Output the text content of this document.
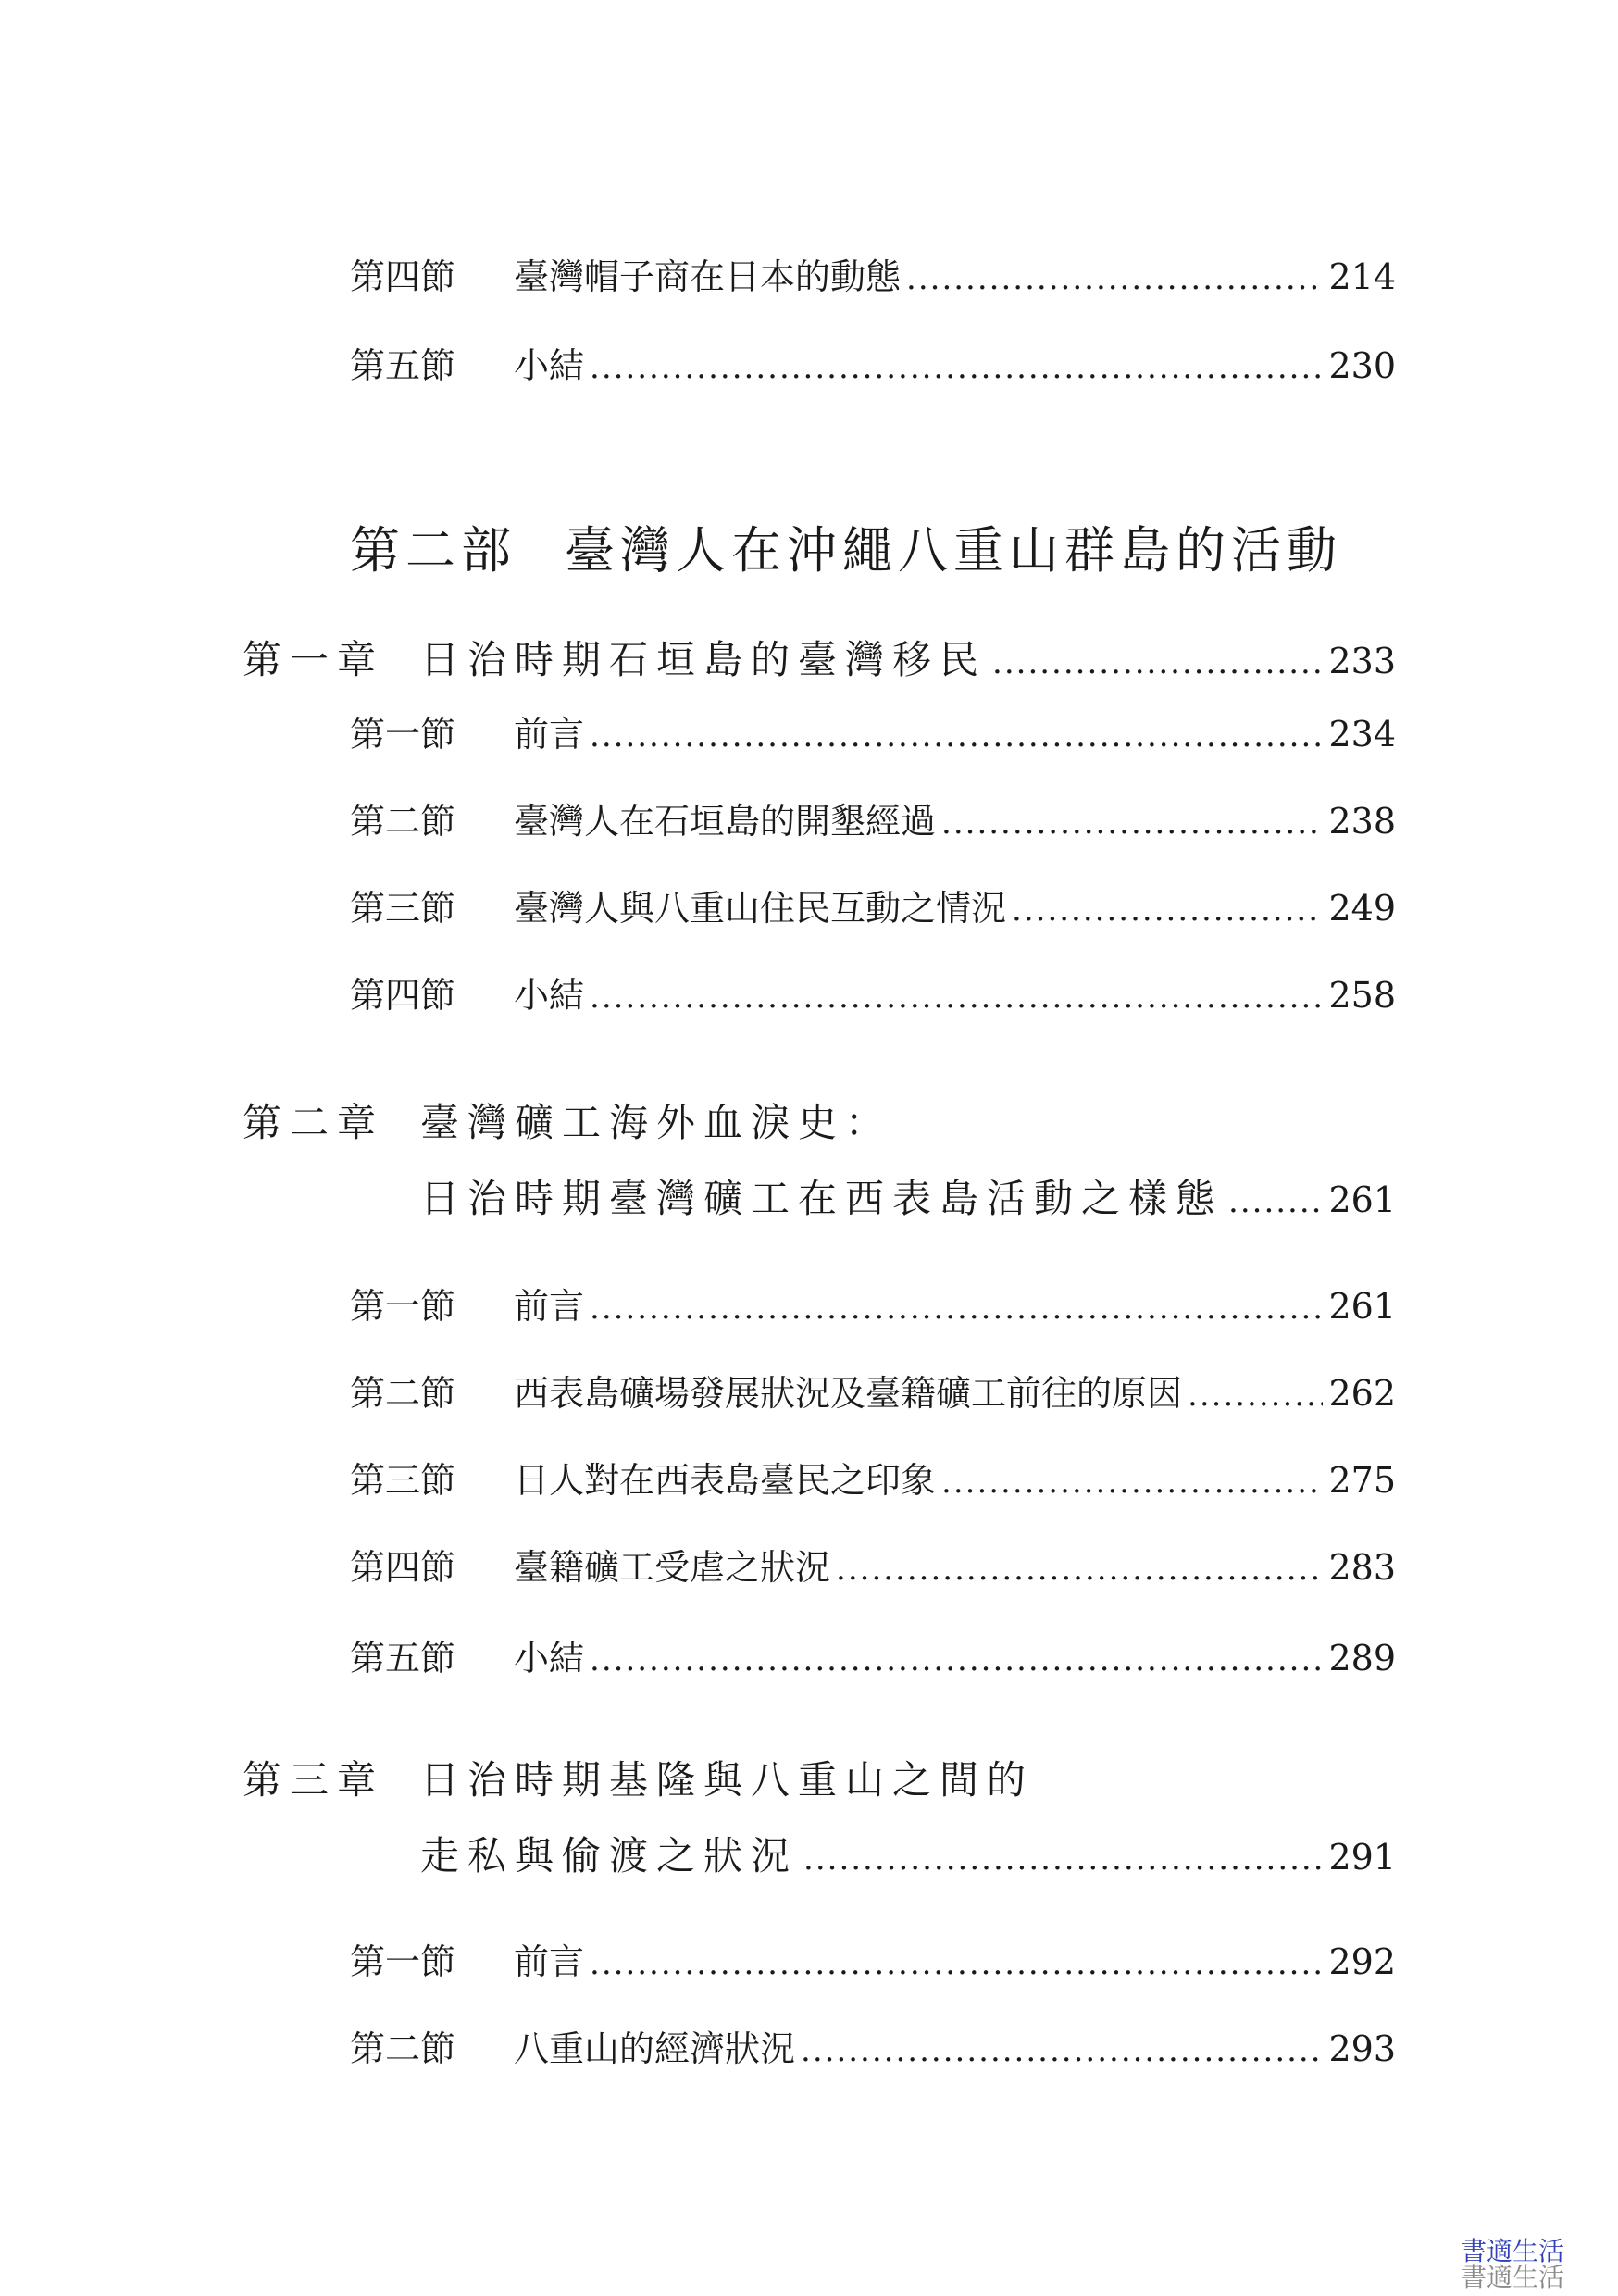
第四節	臺灣帽子商在日本的動態 .....	214
第五節	小結 .....	230
第二部 臺灣人在沖繩八重山群島的活動
第一章 日治時期石垣島的臺灣移民 .....	233
第一節	前言 .....	234
第二節	臺灣人在石垣島的開墾經過 .....	238
第三節	臺灣人與八重山住民互動之情況 .....	249
第四節	小結 .....	258
第二章 臺灣礦工海外血淚史：
日治時期臺灣礦工在西表島活動之樣態 .....	261
第一節	前言 .....	261
第二節	西表島礦場發展狀況及臺籍礦工前往的原因 .....	262
第三節	日人對在西表島臺民之印象 .....	275
第四節	臺籍礦工受虐之狀況 .....	283
第五節	小結 .....	289
第三章 日治時期基隆與八重山之間的
走私與偷渡之狀況 .....	291
第一節	前言 .....	292
第二節	八重山的經濟狀況 .....	293
書適生活
書適生活
